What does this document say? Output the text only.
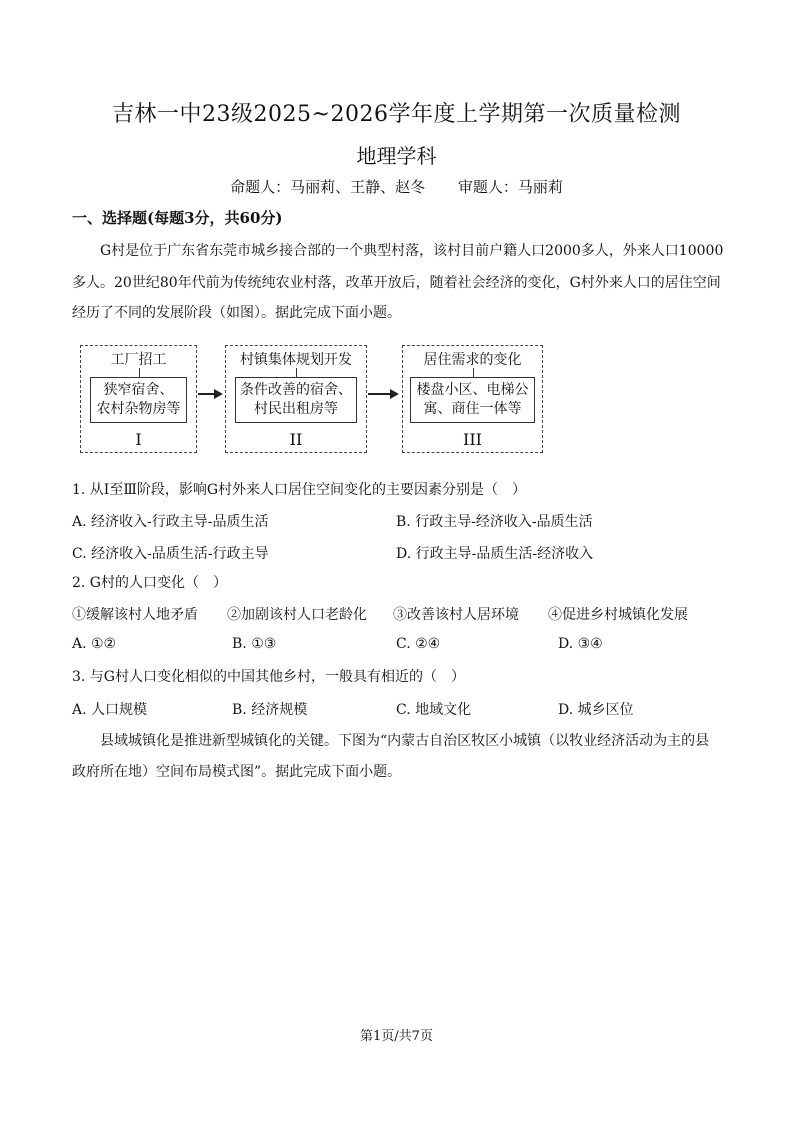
吉林一中23级2025~2026学年度上学期第一次质量检测
地理学科
命题人：马丽莉、王静、赵冬 审题人：马丽莉
一、选择题(每题3分，共60分)
G村是位于广东省东莞市城乡接合部的一个典型村落，该村目前户籍人口2000多人，外来人口10000
多人。20世纪80年代前为传统纯农业村落，改革开放后，随着社会经济的变化，G村外来人口的居住空间
经历了不同的发展阶段（如图）。据此完成下面小题。
工厂招工
狭窄宿舍、
农村杂物房等
I
村镇集体规划开发
条件改善的宿舍、
村民出租房等
II
居住需求的变化
楼盘小区、电梯公
寓、商住一体等
III
1. 从Ⅰ至Ⅲ阶段，影响G村外来人口居住空间变化的主要因素分别是（　）
A. 经济收入-行政主导-品质生活	B. 行政主导-经济收入-品质生活
C. 经济收入-品质生活-行政主导	D. 行政主导-品质生活-经济收入
2. G村的人口变化（　）
①缓解该村人地矛盾 ②加剧该村人口老龄化 ③改善该村人居环境 ④促进乡村城镇化发展
A. ①②	B. ①③	C. ②④	D. ③④
3. 与G村人口变化相似的中国其他乡村，一般具有相近的（　）
A. 人口规模	B. 经济规模	C. 地域文化	D. 城乡区位
县域城镇化是推进新型城镇化的关键。下图为“内蒙古自治区牧区小城镇（以牧业经济活动为主的县
政府所在地）空间布局模式图”。据此完成下面小题。
第1页/共7页
